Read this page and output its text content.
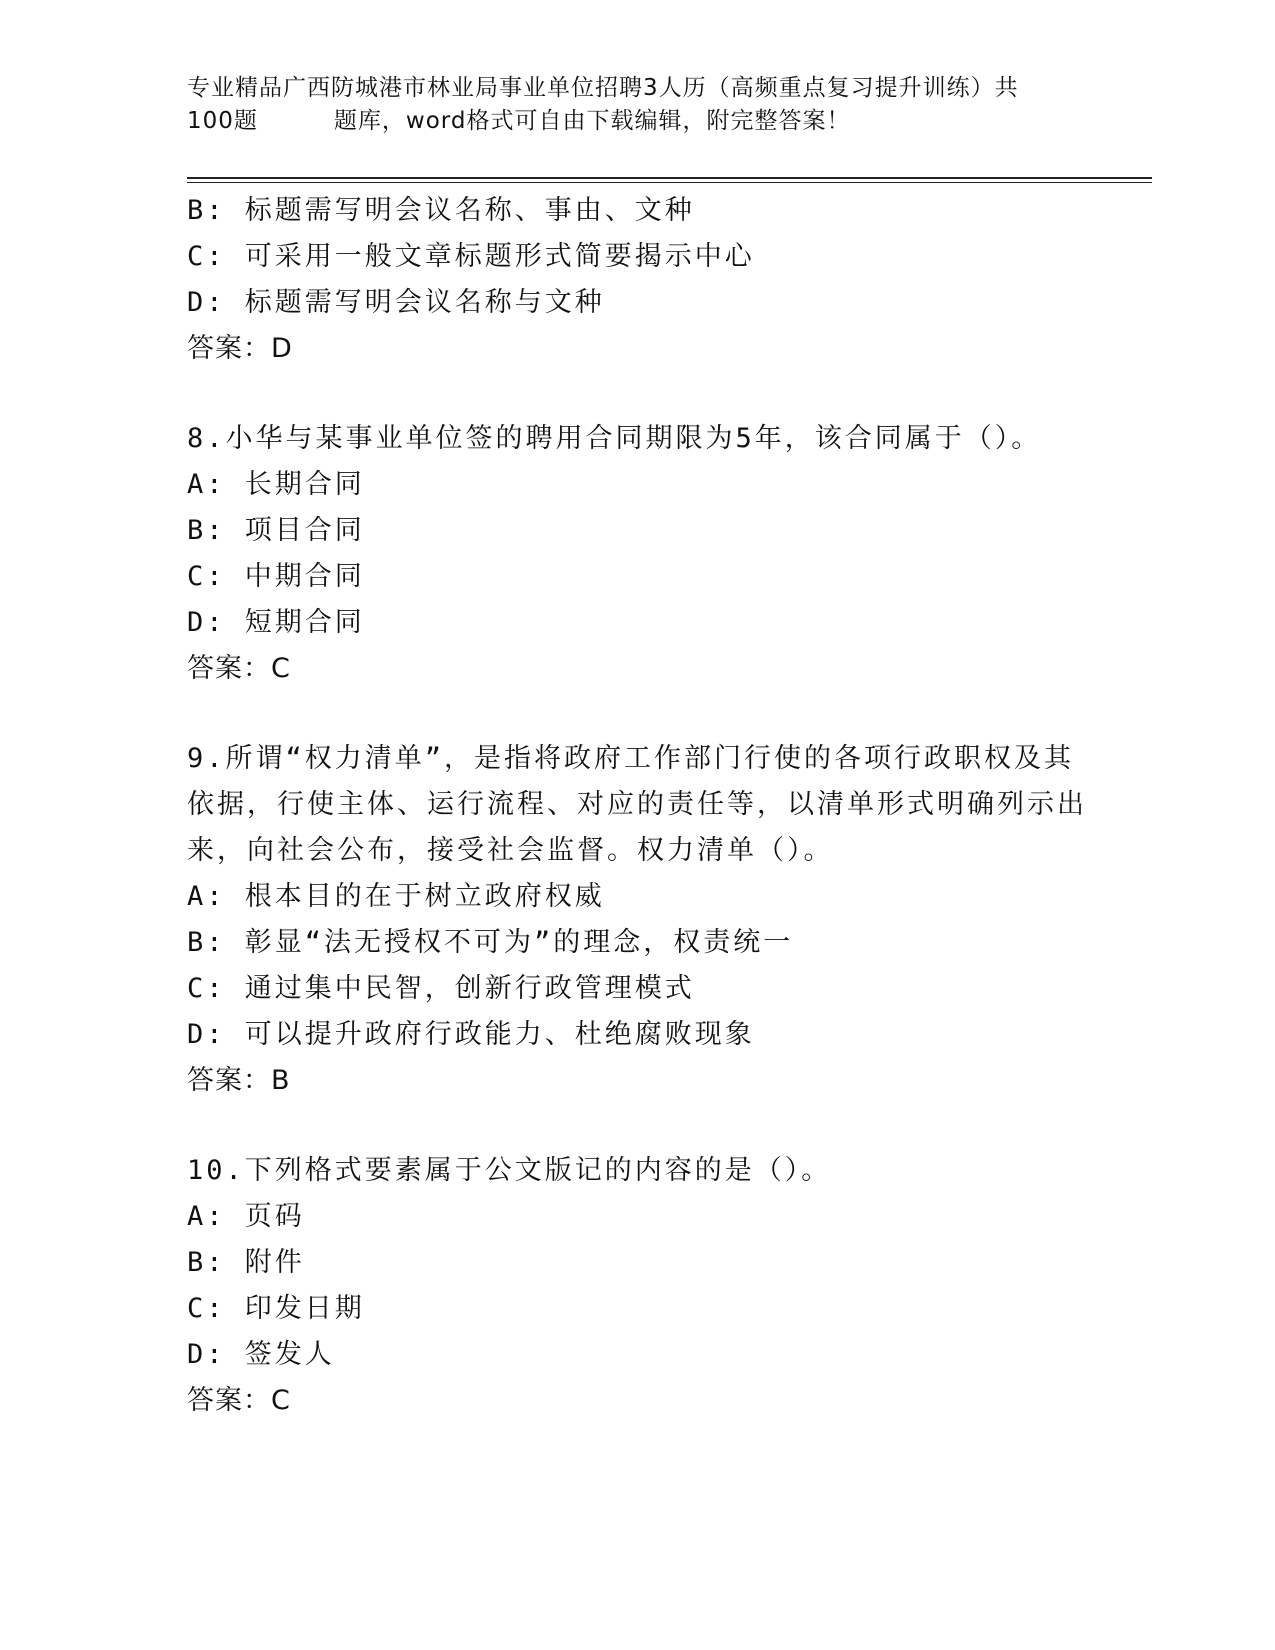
专业精品广西防城港市林业局事业单位招聘3人历（高频重点复习提升训练）共
100题	题库，word格式可自由下载编辑，附完整答案！
B: 标题需写明会议名称、事由、文种
C: 可采用一般文章标题形式简要揭示中心
D: 标题需写明会议名称与文种
答案：D
8.小华与某事业单位签的聘用合同期限为5年，该合同属于（）。
A: 长期合同
B: 项目合同
C: 中期合同
D: 短期合同
答案：C
9.所谓“权力清单”，是指将政府工作部门行使的各项行政职权及其
依据，行使主体、运行流程、对应的责任等，以清单形式明确列示出
来，向社会公布，接受社会监督。权力清单（）。
A: 根本目的在于树立政府权威
B: 彰显“法无授权不可为”的理念，权责统一
C: 通过集中民智，创新行政管理模式
D: 可以提升政府行政能力、杜绝腐败现象
答案：B
10.下列格式要素属于公文版记的内容的是（）。
A: 页码
B: 附件
C: 印发日期
D: 签发人
答案：C
